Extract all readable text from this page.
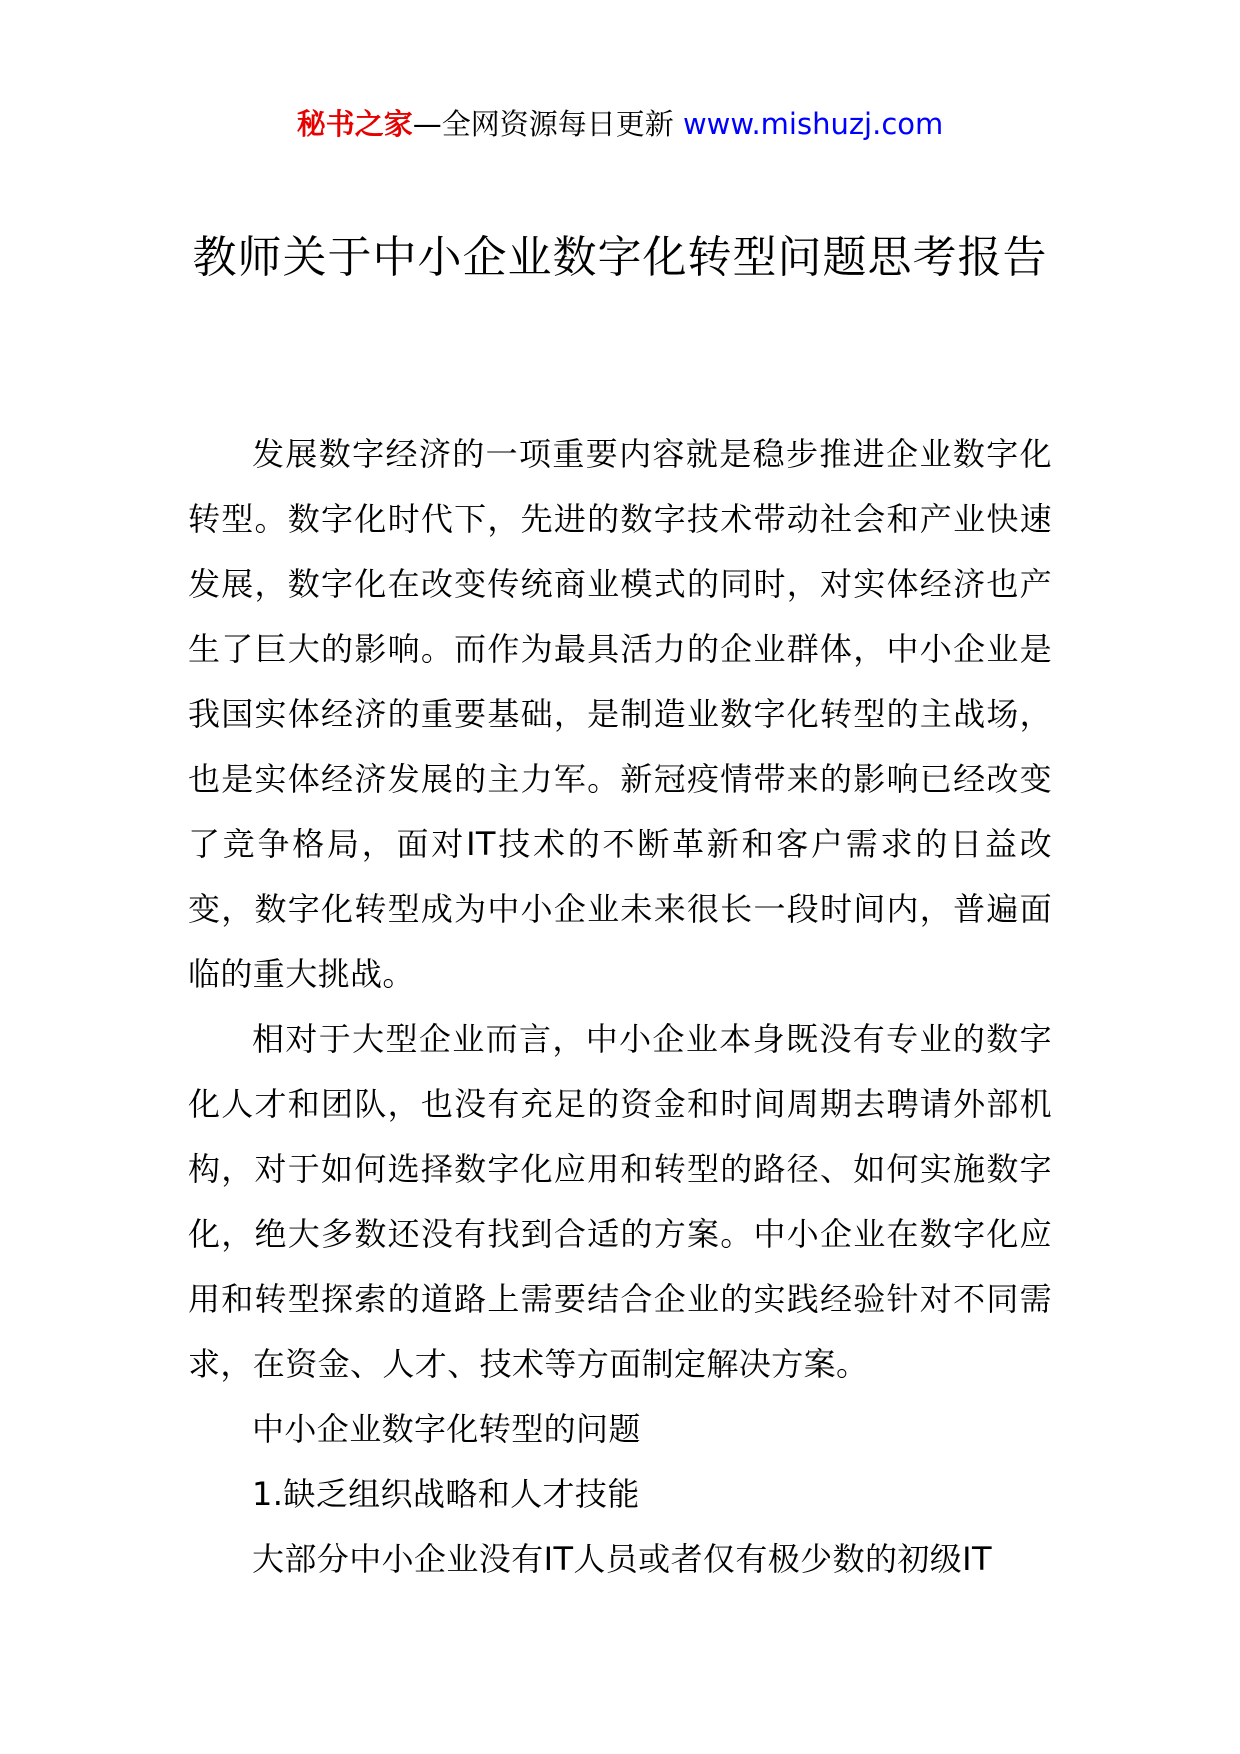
秘书之家—全网资源每日更新 www.mishuzj.com
教师关于中小企业数字化转型问题思考报告

发展数字经济的一项重要内容就是稳步推进企业数字化转型。数字化时代下，先进的数字技术带动社会和产业快速发展，数字化在改变传统商业模式的同时，对实体经济也产生了巨大的影响。而作为最具活力的企业群体，中小企业是我国实体经济的重要基础，是制造业数字化转型的主战场，也是实体经济发展的主力军。新冠疫情带来的影响已经改变了竞争格局，面对IT技术的不断革新和客户需求的日益改变，数字化转型成为中小企业未来很长一段时间内，普遍面临的重大挑战。

相对于大型企业而言，中小企业本身既没有专业的数字化人才和团队，也没有充足的资金和时间周期去聘请外部机构，对于如何选择数字化应用和转型的路径、如何实施数字化，绝大多数还没有找到合适的方案。中小企业在数字化应用和转型探索的道路上需要结合企业的实践经验针对不同需求，在资金、人才、技术等方面制定解决方案。

中小企业数字化转型的问题

1.缺乏组织战略和人才技能

大部分中小企业没有IT人员或者仅有极少数的初级IT
